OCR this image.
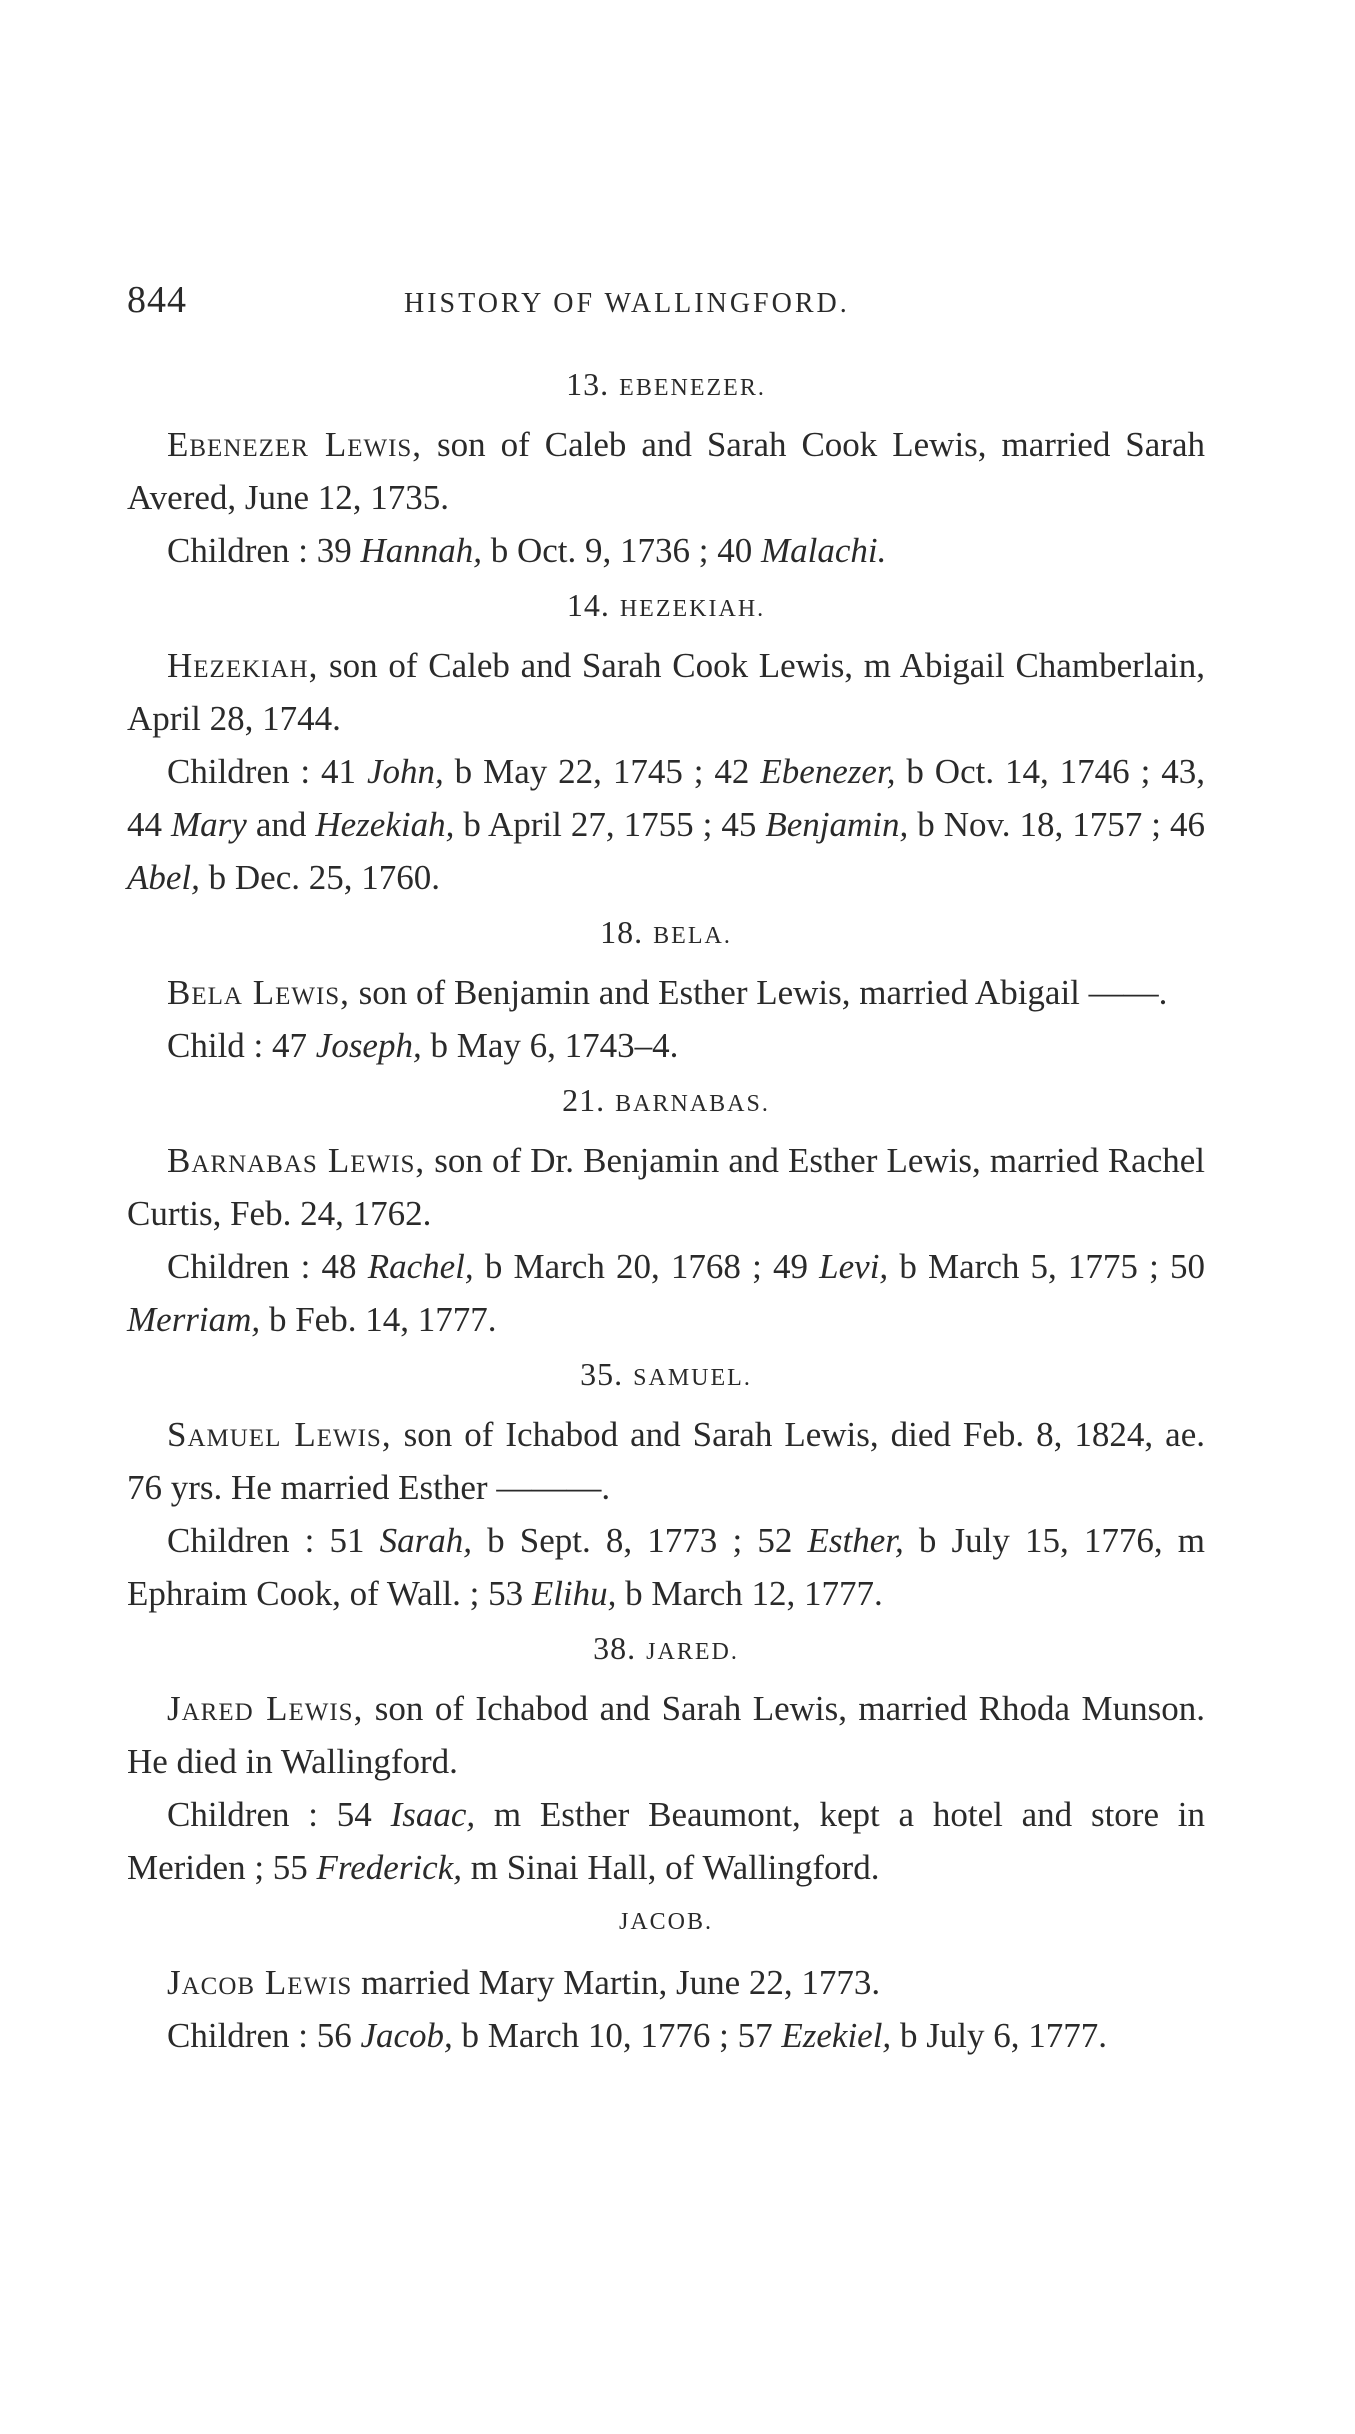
844	HISTORY OF WALLINGFORD.
13. EBENEZER.

Ebenezer Lewis, son of Caleb and Sarah Cook Lewis, married Sarah Avered, June 12, 1735.

Children : 39 Hannah, b Oct. 9, 1736 ; 40 Malachi.

14. HEZEKIAH.

Hezekiah, son of Caleb and Sarah Cook Lewis, m Abigail Chamberlain, April 28, 1744.

Children : 41 John, b May 22, 1745 ; 42 Ebenezer, b Oct. 14, 1746 ; 43, 44 Mary and Hezekiah, b April 27, 1755 ; 45 Benjamin, b Nov. 18, 1757 ; 46 Abel, b Dec. 25, 1760.

18. BELA.

Bela Lewis, son of Benjamin and Esther Lewis, married Abigail ——.

Child : 47 Joseph, b May 6, 1743–4.

21. BARNABAS.

Barnabas Lewis, son of Dr. Benjamin and Esther Lewis, married Rachel Curtis, Feb. 24, 1762.

Children : 48 Rachel, b March 20, 1768 ; 49 Levi, b March 5, 1775 ; 50 Merriam, b Feb. 14, 1777.

35. SAMUEL.

Samuel Lewis, son of Ichabod and Sarah Lewis, died Feb. 8, 1824, ae. 76 yrs. He married Esther ———.

Children : 51 Sarah, b Sept. 8, 1773 ; 52 Esther, b July 15, 1776, m Ephraim Cook, of Wall. ; 53 Elihu, b March 12, 1777.

38. JARED.

Jared Lewis, son of Ichabod and Sarah Lewis, married Rhoda Munson. He died in Wallingford.

Children : 54 Isaac, m Esther Beaumont, kept a hotel and store in Meriden ; 55 Frederick, m Sinai Hall, of Wallingford.

JACOB.

Jacob Lewis married Mary Martin, June 22, 1773.

Children : 56 Jacob, b March 10, 1776 ; 57 Ezekiel, b July 6, 1777.
